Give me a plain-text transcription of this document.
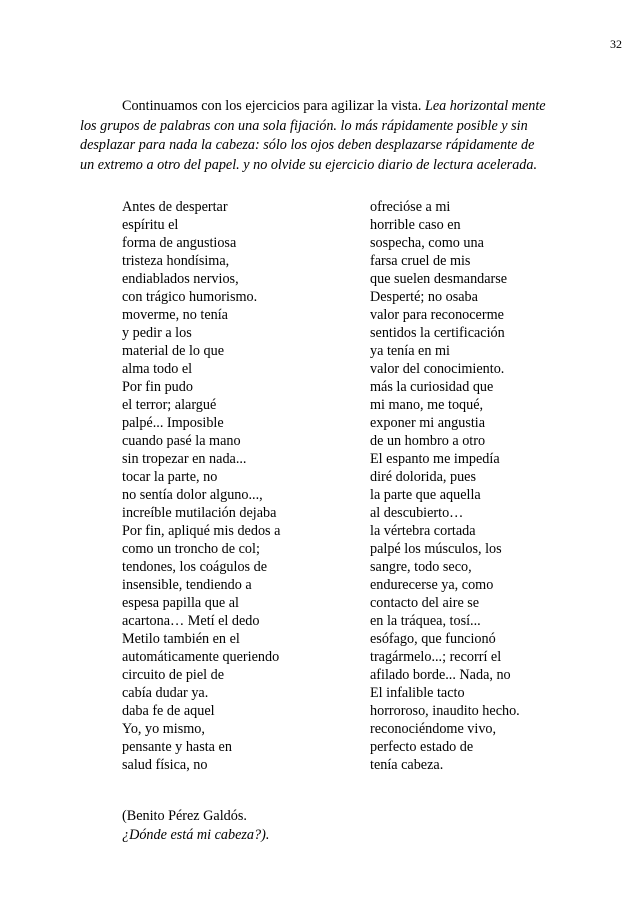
32

Continuamos con los ejercicios para agilizar la vista. Lea horizontal mente

los grupos de palabras con una sola fijación. lo más rápidamente posible y sin
desplazar para nada la cabeza: sólo los ojos deben desplazarse rápidamente de
un extremo a otro del papel. y no olvide su ejercicio diario de lectura acelerada.
Antes de despertar
espíritu el
forma de angustiosa
tristeza hondísima,
endiablados nervios,
con trágico humorismo.
moverme, no tenía
y pedir a los
material de lo que
alma todo el
Por fin pudo
el terror; alargué
palpé... Imposible
cuando pasé la mano
sin tropezar en nada...
tocar la parte, no
no sentía dolor alguno...,
increíble mutilación dejaba
Por fin, apliqué mis dedos a
como un troncho de col;
tendones, los coágulos de
insensible, tendiendo a
espesa papilla que al
acartona… Metí el dedo
Metilo también en el
automáticamente queriendo
circuito de piel de
cabía dudar ya.
daba fe de aquel
Yo, yo mismo,
pensante y hasta en
salud física, no
ofrecióse a mi
horrible caso en
sospecha, como una
farsa cruel de mis
que suelen desmandarse
Desperté; no osaba
valor para reconocerme
sentidos la certificación
ya tenía en mi
valor del conocimiento.
más la curiosidad que
mi mano, me toqué,
exponer mi angustia
de un hombro a otro
El espanto me impedía
diré dolorida, pues
la parte que aquella
al descubierto…
la vértebra cortada
palpé los músculos, los
sangre, todo seco,
endurecerse ya, como
contacto del aire se
en la tráquea, tosí...
esófago, que funcionó
tragármelo...; recorrí el
afilado borde... Nada, no
El infalible tacto
horroroso, inaudito hecho.
reconociéndome vivo,
perfecto estado de
tenía cabeza.
(Benito Pérez Galdós.
¿Dónde está mi cabeza?).
